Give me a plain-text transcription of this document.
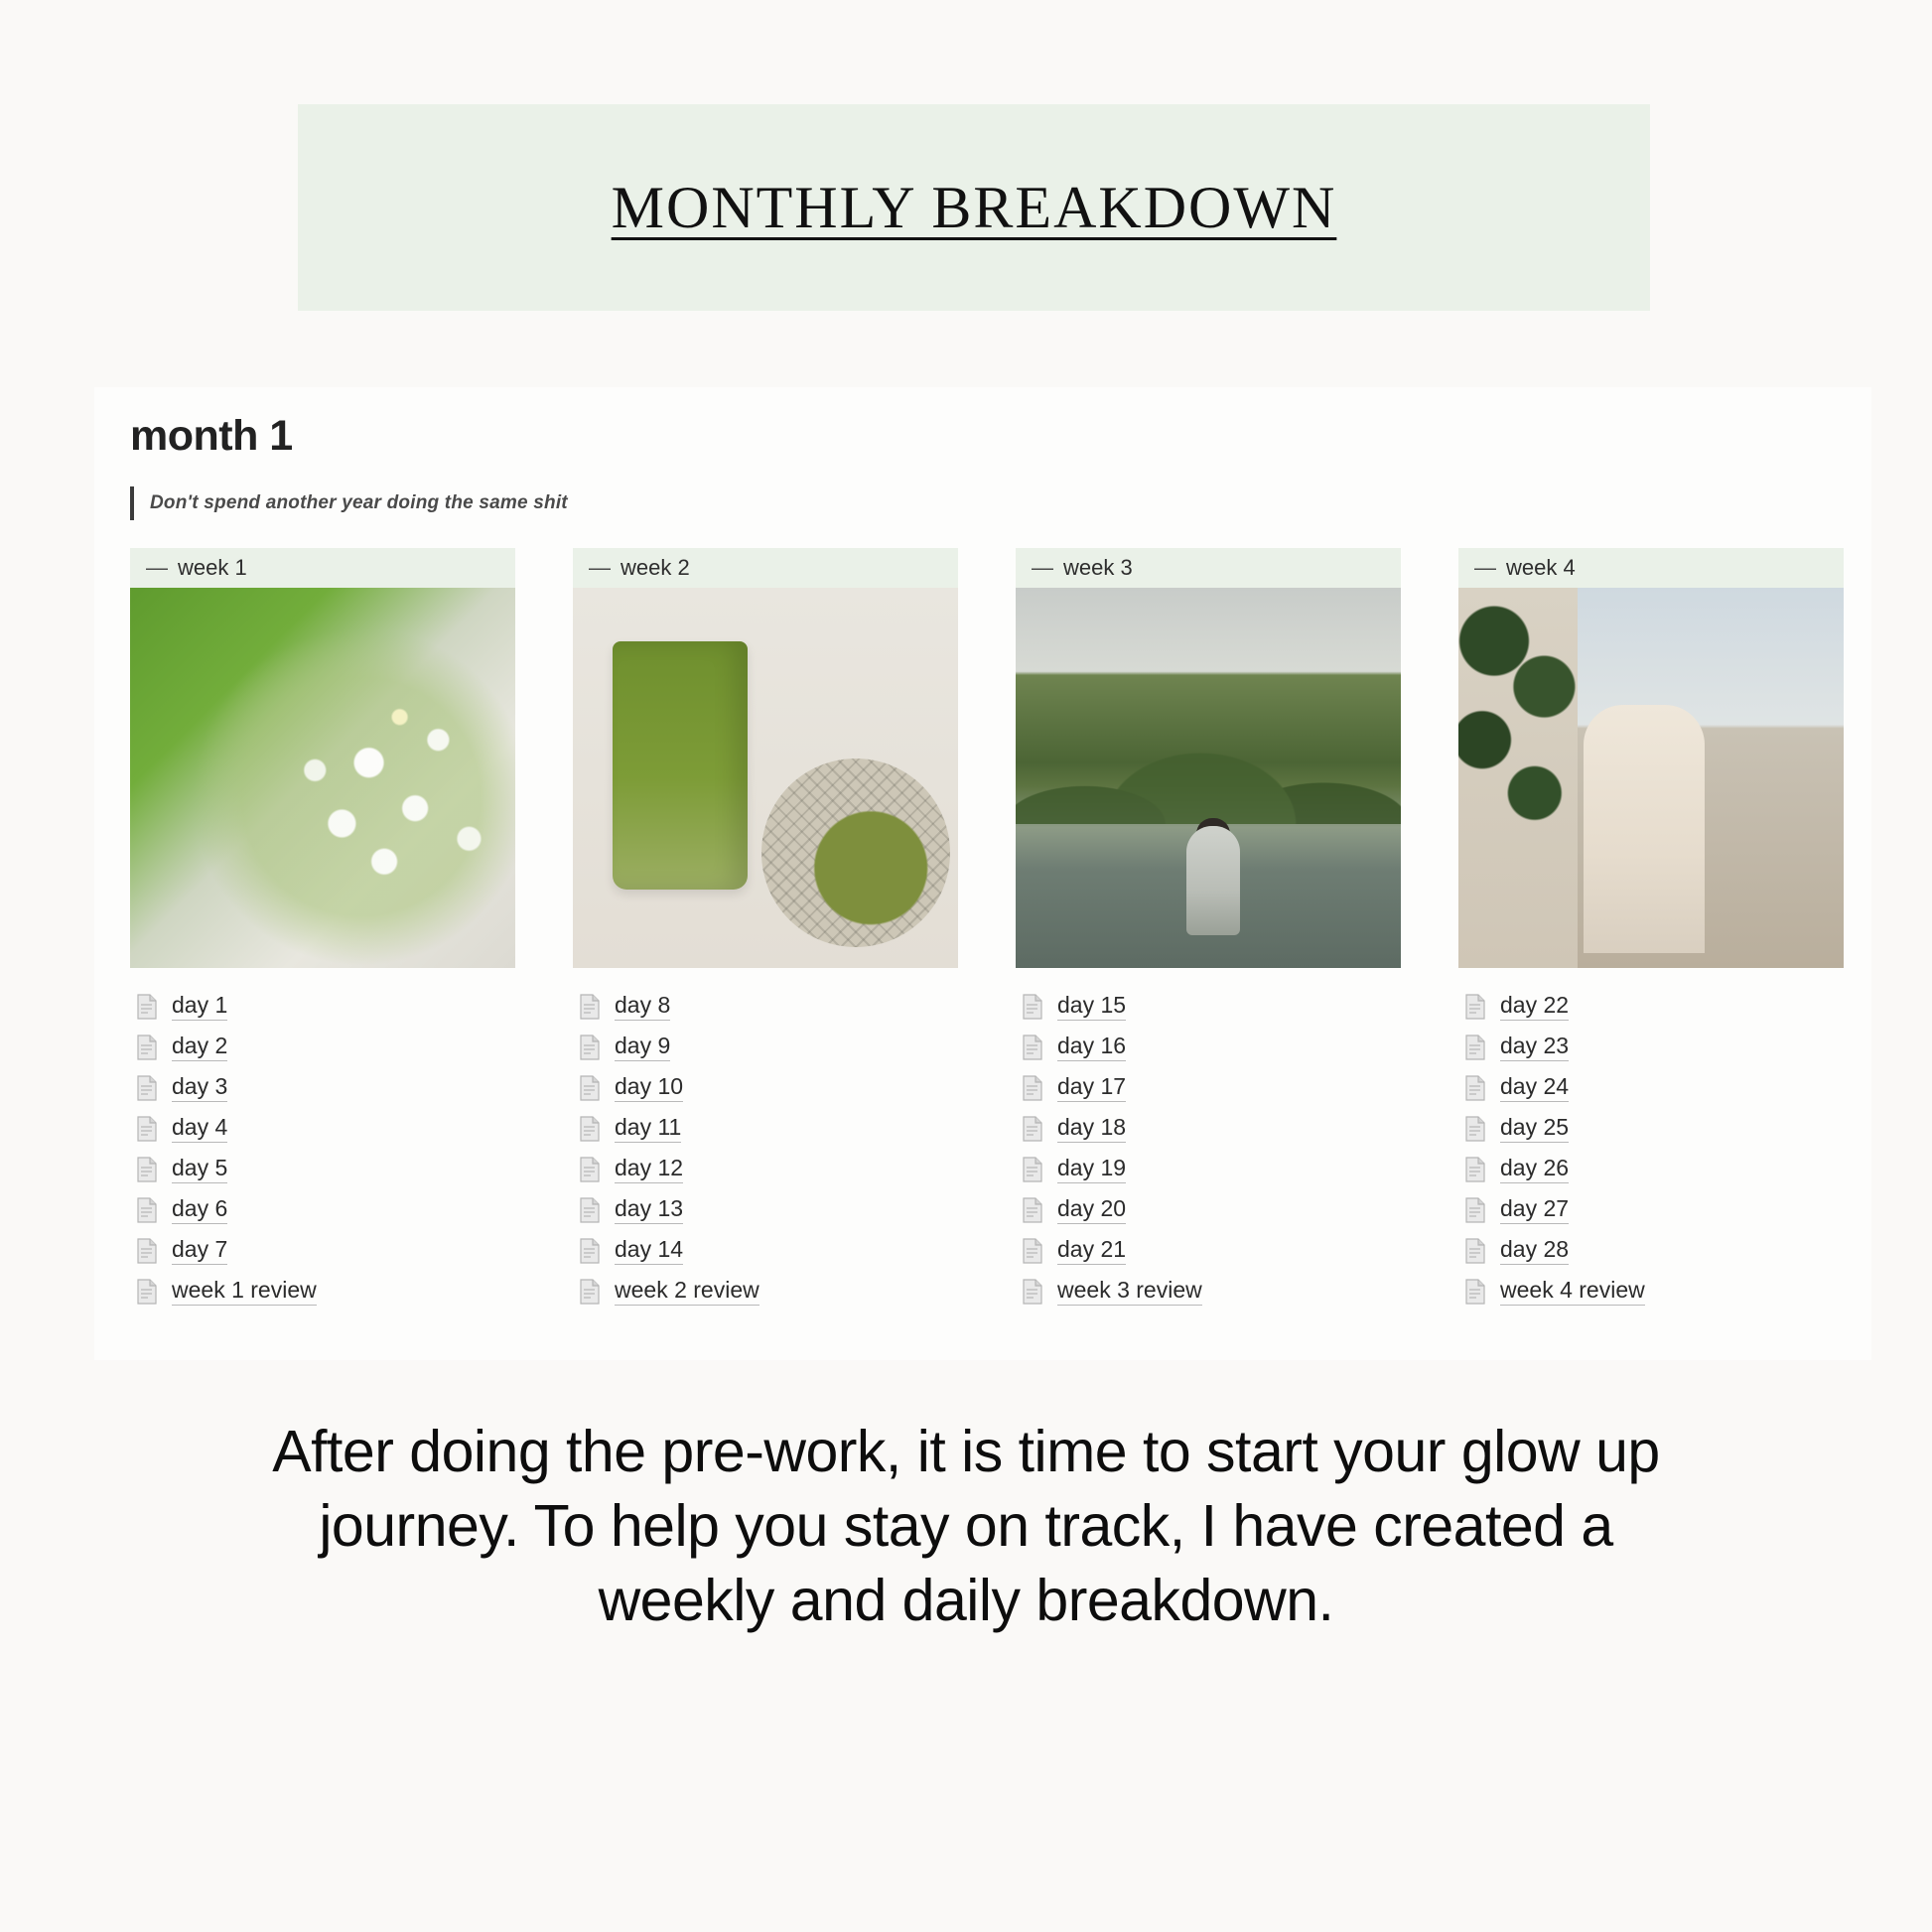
MONTHLY BREAKDOWN
month 1
Don't spend another year doing the same shit
— week 1
day 1
day 2
day 3
day 4
day 5
day 6
day 7
week 1 review
— week 2
day 8
day 9
day 10
day 11
day 12
day 13
day 14
week 2 review
— week 3
day 15
day 16
day 17
day 18
day 19
day 20
day 21
week 3 review
— week 4
day 22
day 23
day 24
day 25
day 26
day 27
day 28
week 4 review
After doing the pre-work, it is time to start your glow up journey. To help you stay on track, I have created a weekly and daily breakdown.
